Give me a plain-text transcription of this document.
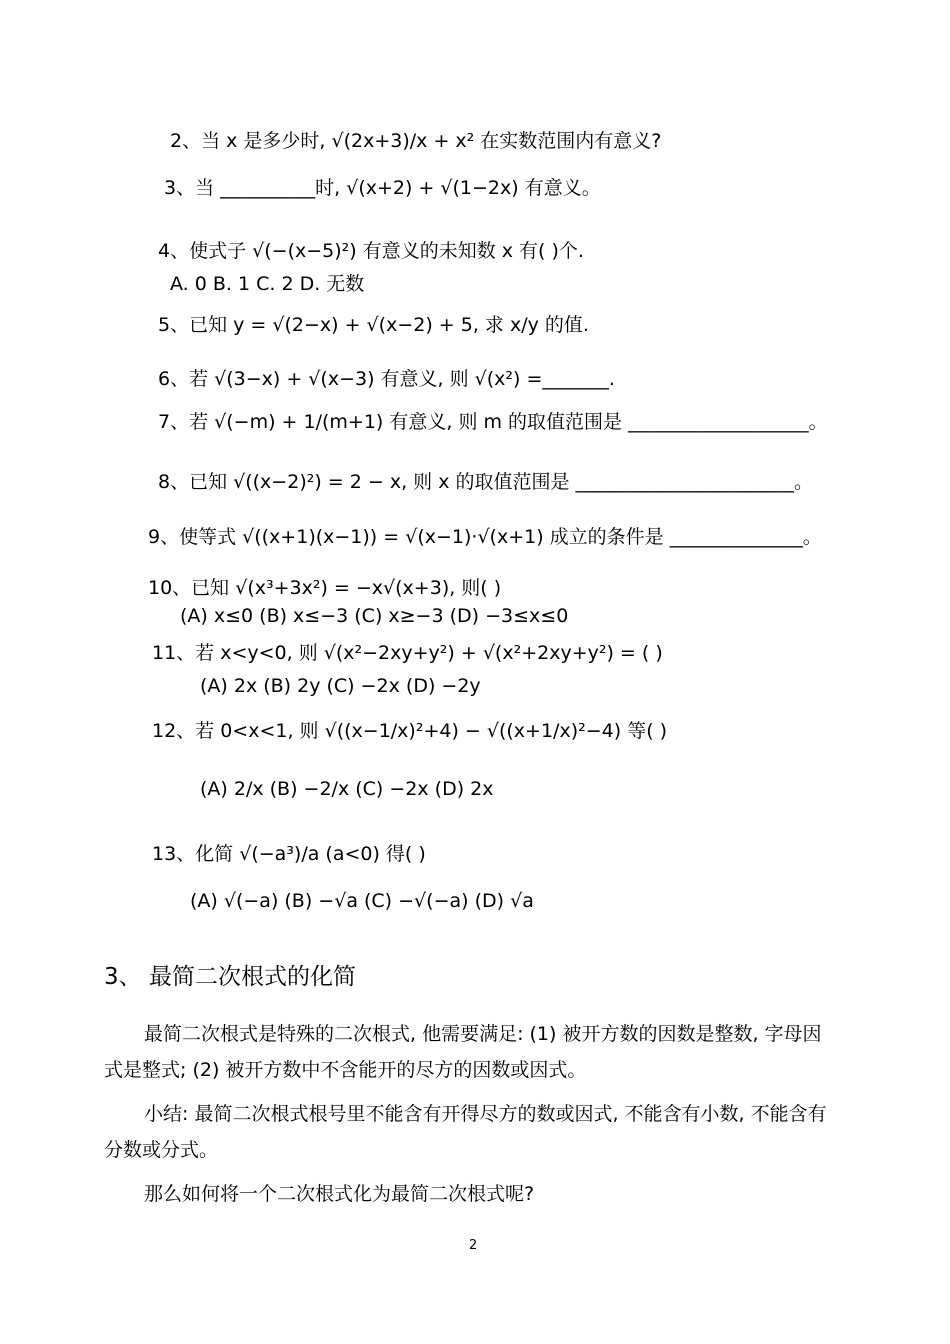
2、当 x 是多少时, √(2x+3)/x + x² 在实数范围内有意义?
3、当 __________时, √(x+2) + √(1−2x) 有意义。
4、使式子 √(−(x−5)²) 有意义的未知数 x 有( )个.
A. 0 B. 1 C. 2 D. 无数
5、已知 y = √(2−x) + √(x−2) + 5, 求 x/y 的值.
6、若 √(3−x) + √(x−3) 有意义, 则 √(x²) =_______.
7、若 √(−m) + 1/(m+1) 有意义, 则 m 的取值范围是 ___________________。
8、已知 √((x−2)²) = 2 − x, 则 x 的取值范围是 _______________________。
9、使等式 √((x+1)(x−1)) = √(x−1)·√(x+1) 成立的条件是 ______________。
10、已知 √(x³+3x²) = −x√(x+3), 则( )
(A) x≤0 (B) x≤−3 (C) x≥−3 (D) −3≤x≤0
11、若 x<y<0, 则 √(x²−2xy+y²) + √(x²+2xy+y²) = ( )
(A) 2x (B) 2y (C) −2x (D) −2y
12、若 0<x<1, 则 √((x−1/x)²+4) − √((x+1/x)²−4) 等( )
(A) 2/x (B) −2/x (C) −2x (D) 2x
13、化简 √(−a³)/a (a<0) 得( )
(A) √(−a) (B) −√a (C) −√(−a) (D) √a
3、 最简二次根式的化简
最简二次根式是特殊的二次根式, 他需要满足: (1) 被开方数的因数是整数, 字母因式是整式; (2) 被开方数中不含能开的尽方的因数或因式。
小结: 最简二次根式根号里不能含有开得尽方的数或因式, 不能含有小数, 不能含有分数或分式。
那么如何将一个二次根式化为最简二次根式呢?
2
